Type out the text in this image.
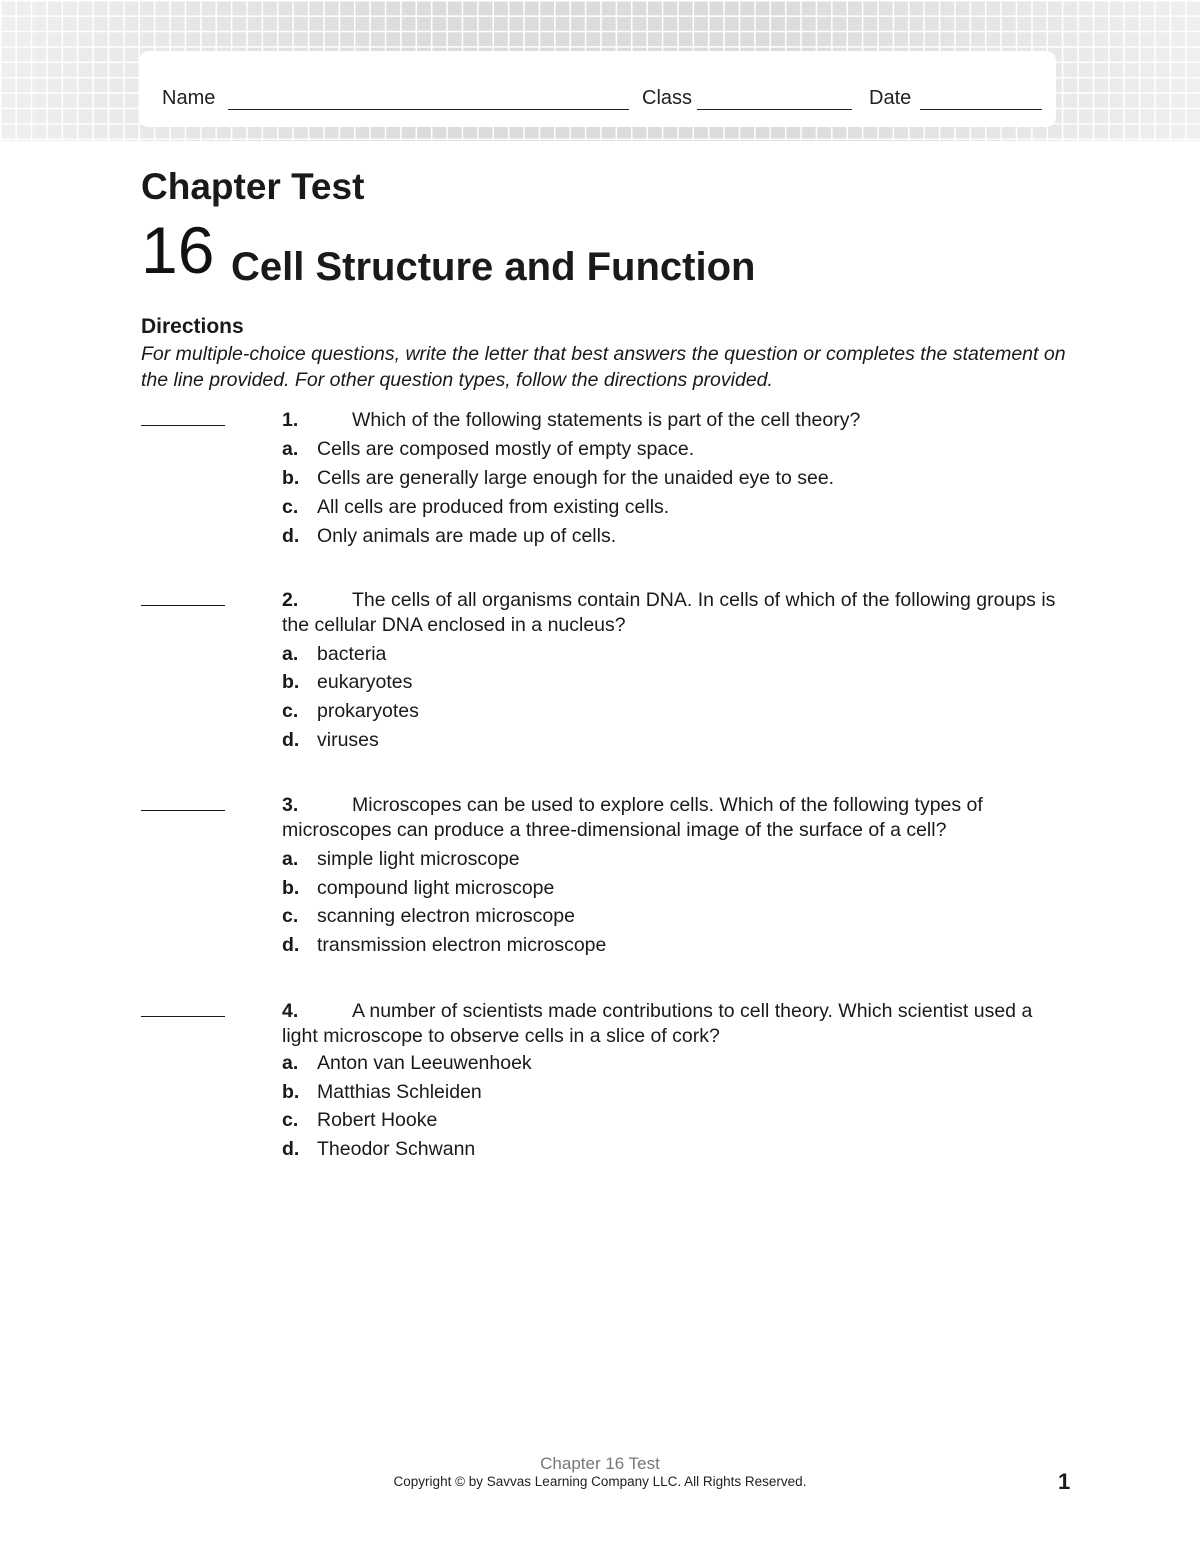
Name	Class	Date
Chapter Test
16 Cell Structure and Function
Directions
For multiple-choice questions, write the letter that best answers the question or completes the statement on the line provided. For other question types, follow the directions provided.
1.	Which of the following statements is part of the cell theory?
a. Cells are composed mostly of empty space.
b. Cells are generally large enough for the unaided eye to see.
c. All cells are produced from existing cells.
d. Only animals are made up of cells.
2.	The cells of all organisms contain DNA. In cells of which of the following groups is the cellular DNA enclosed in a nucleus?
a. bacteria
b. eukaryotes
c. prokaryotes
d. viruses
3.	Microscopes can be used to explore cells. Which of the following types of microscopes can produce a three-dimensional image of the surface of a cell?
a. simple light microscope
b. compound light microscope
c. scanning electron microscope
d. transmission electron microscope
4.	A number of scientists made contributions to cell theory. Which scientist used a light microscope to observe cells in a slice of cork?
a. Anton van Leeuwenhoek
b. Matthias Schleiden
c. Robert Hooke
d. Theodor Schwann
Chapter 16 Test
Copyright © by Savvas Learning Company LLC. All Rights Reserved.	1
